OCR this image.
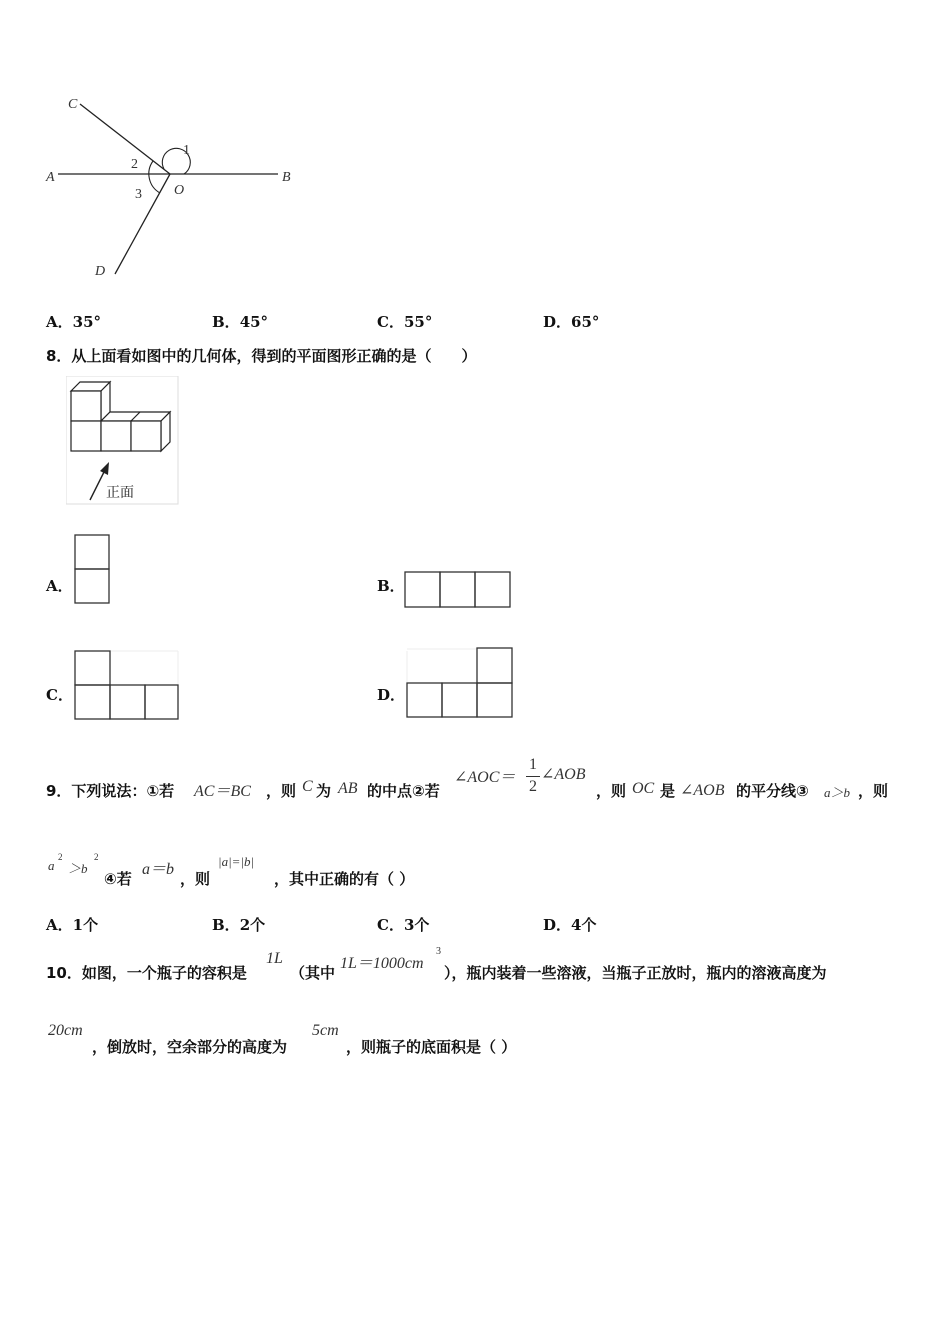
C
A	B
O
D
1
2
3
A．35°	B．45°	C．55°	D．65°
8．从上面看如图中的几何体，得到的平面图形正确的是（　　）
正面
A．	B．
C．	D．
9．下列说法：①若 AC＝BC ，则 C 为 AB 的中点②若
∠AOC＝
1
2
∠AOB
，则 OC 是 ∠AOB 的平分线③ a＞b ，则
a
2
＞b
2
④若
a＝b
，则
|a|=|b|
，其中正确的有（ ）
A．1个	B．2个	C．3个	D．4个
10．如图，一个瓶子的容积是
1L
（其中
1L＝1000cm
3
），瓶内装着一些溶液，当瓶子正放时，瓶内的溶液高度为
20cm
，倒放时，空余部分的高度为
5cm
，则瓶子的底面积是（ ）
